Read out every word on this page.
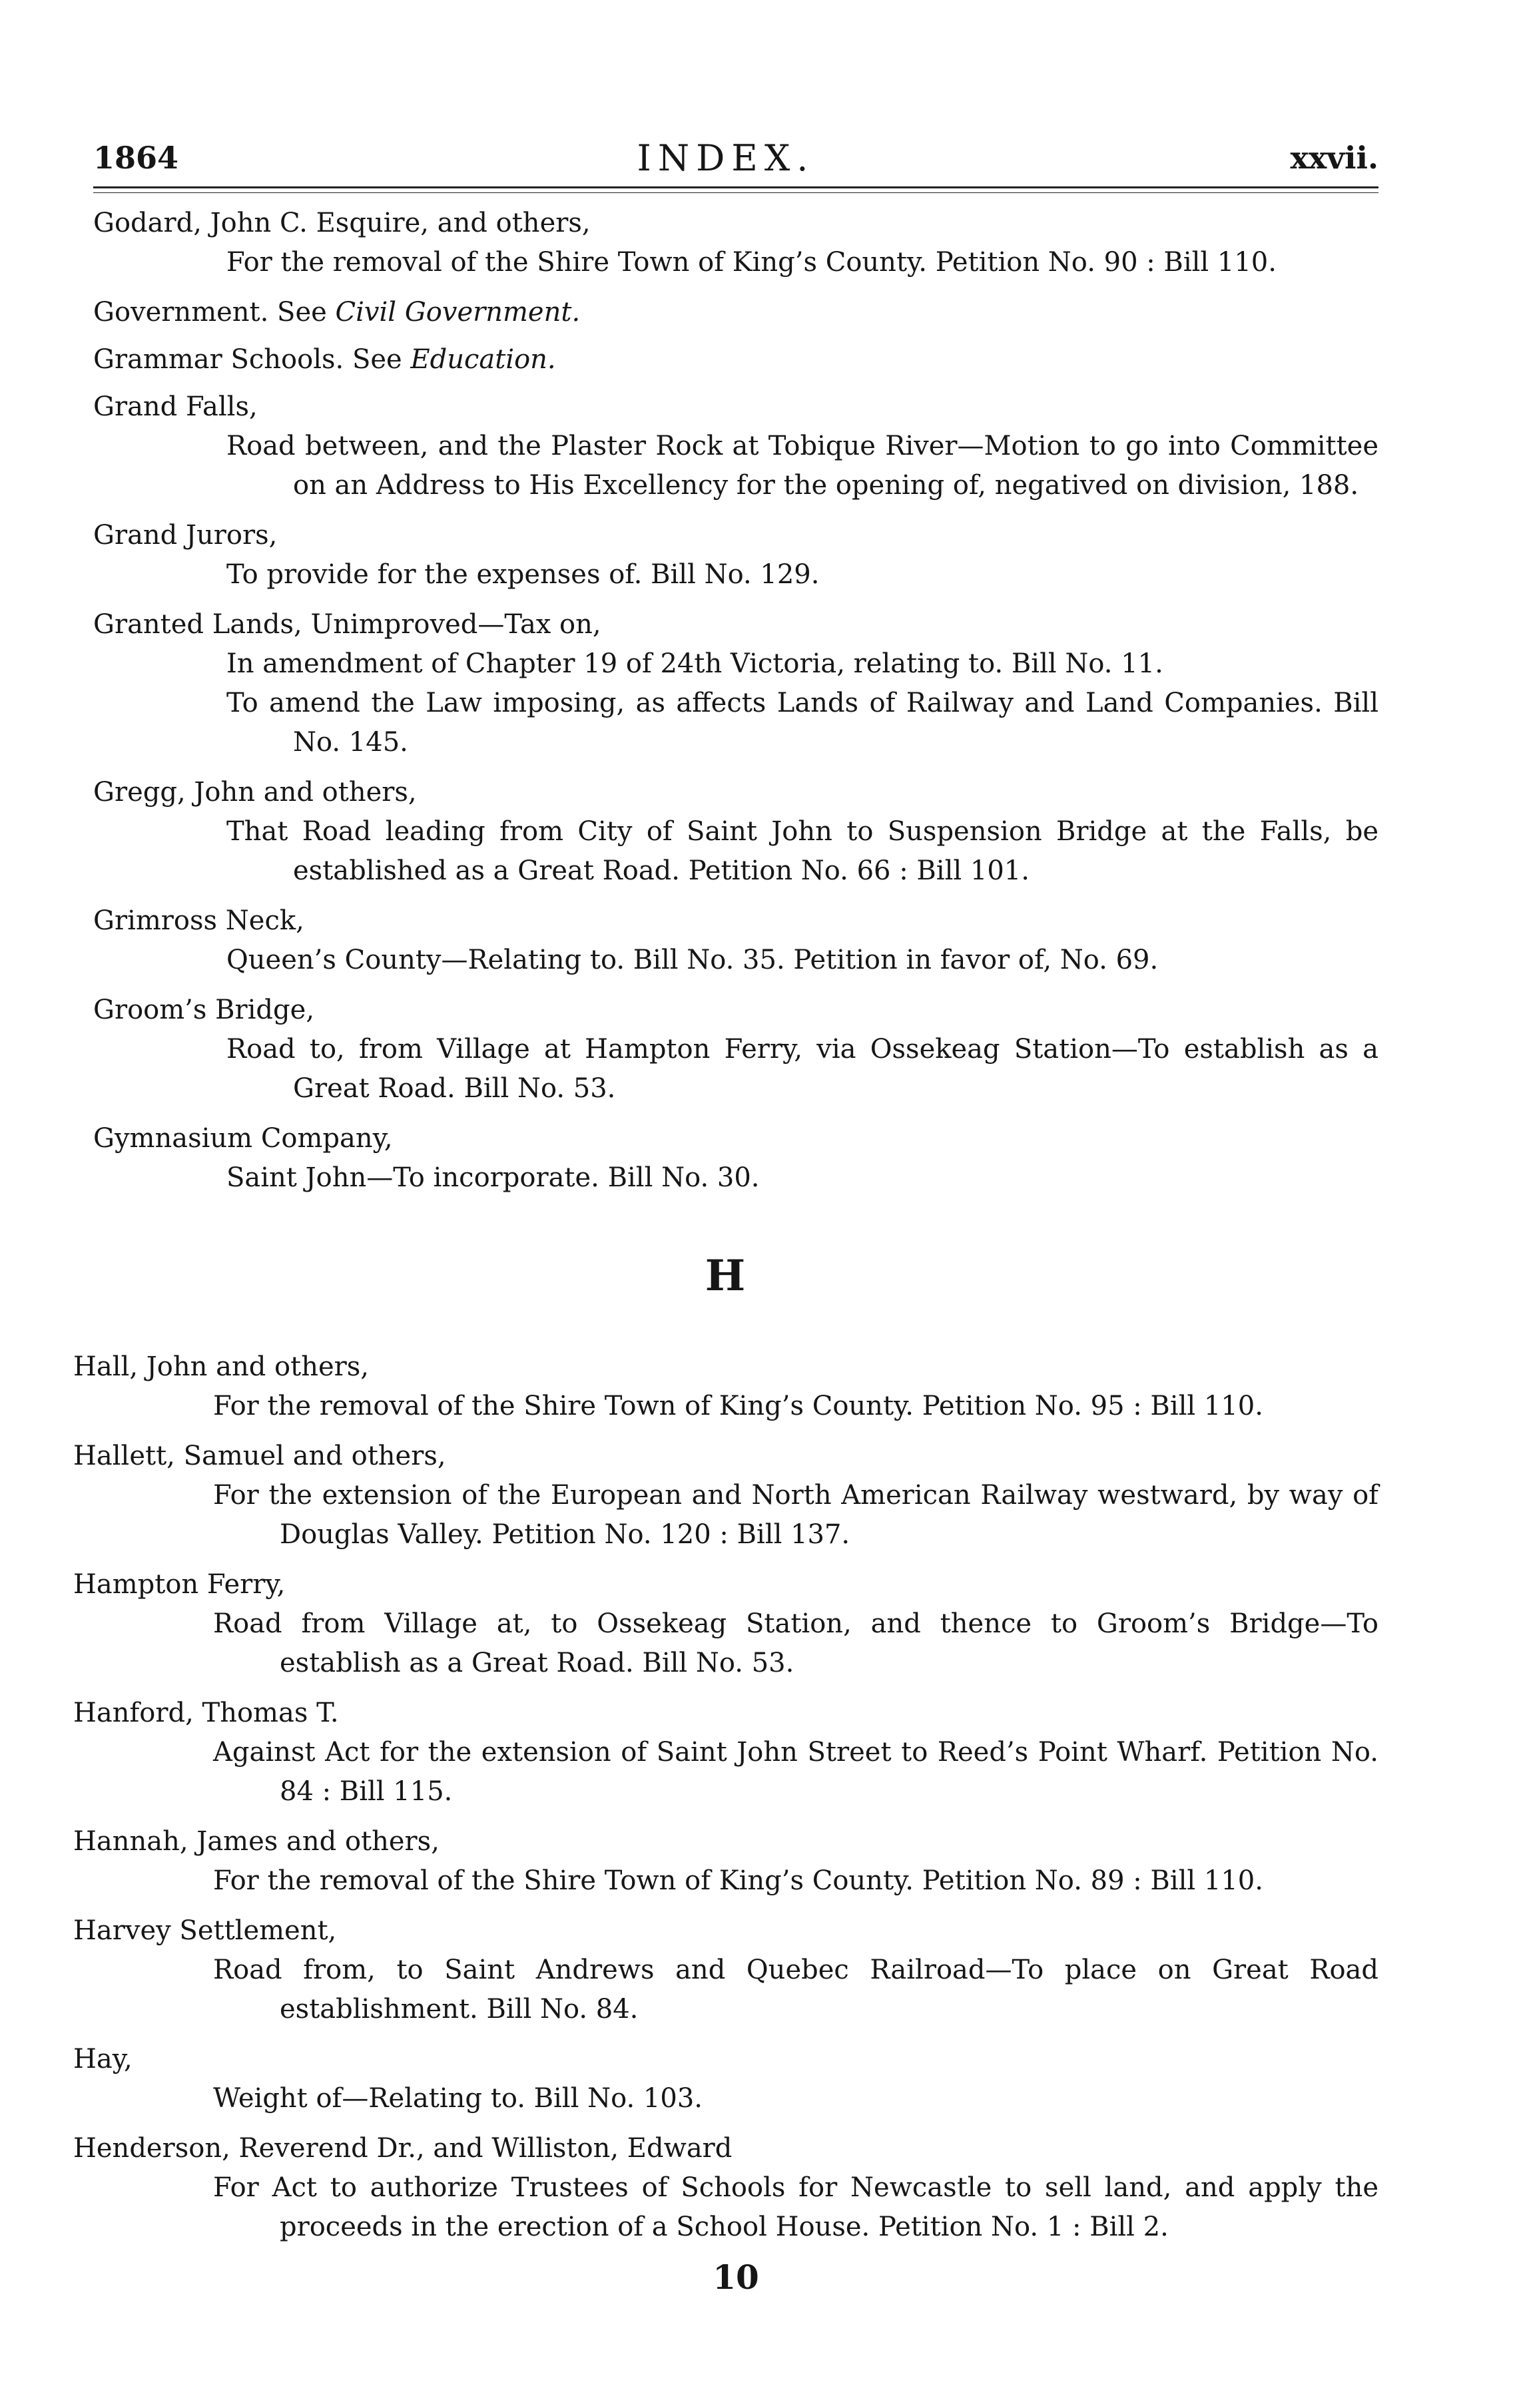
1864	INDEX.	xxvii.

Godard, John C. Esquire, and others,

For the removal of the Shire Town of King’s County. Petition No. 90 : Bill 110.

Government. See Civil Government.

Grammar Schools. See Education.

Grand Falls,

Road between, and the Plaster Rock at Tobique River—Motion to go into Committee on an Address to His Excellency for the opening of, negatived on division, 188.

Grand Jurors,

To provide for the expenses of. Bill No. 129.

Granted Lands, Unimproved—Tax on,

In amendment of Chapter 19 of 24th Victoria, relating to. Bill No. 11.

To amend the Law imposing, as affects Lands of Railway and Land Companies. Bill No. 145.

Gregg, John and others,

That Road leading from City of Saint John to Suspension Bridge at the Falls, be established as a Great Road. Petition No. 66 : Bill 101.

Grimross Neck,

Queen’s County—Relating to. Bill No. 35. Petition in favor of, No. 69.

Groom’s Bridge,

Road to, from Village at Hampton Ferry, via Ossekeag Station—To establish as a Great Road. Bill No. 53.

Gymnasium Company,

Saint John—To incorporate. Bill No. 30.

H

Hall, John and others,

For the removal of the Shire Town of King’s County. Petition No. 95 : Bill 110.

Hallett, Samuel and others,

For the extension of the European and North American Railway westward, by way of Douglas Valley. Petition No. 120 : Bill 137.

Hampton Ferry,

Road from Village at, to Ossekeag Station, and thence to Groom’s Bridge—To establish as a Great Road. Bill No. 53.

Hanford, Thomas T.

Against Act for the extension of Saint John Street to Reed’s Point Wharf. Petition No. 84 : Bill 115.

Hannah, James and others,

For the removal of the Shire Town of King’s County. Petition No. 89 : Bill 110.

Harvey Settlement,

Road from, to Saint Andrews and Quebec Railroad—To place on Great Road establishment. Bill No. 84.

Hay,

Weight of—Relating to. Bill No. 103.

Henderson, Reverend Dr., and Williston, Edward

For Act to authorize Trustees of Schools for Newcastle to sell land, and apply the proceeds in the erection of a School House. Petition No. 1 : Bill 2.

10
